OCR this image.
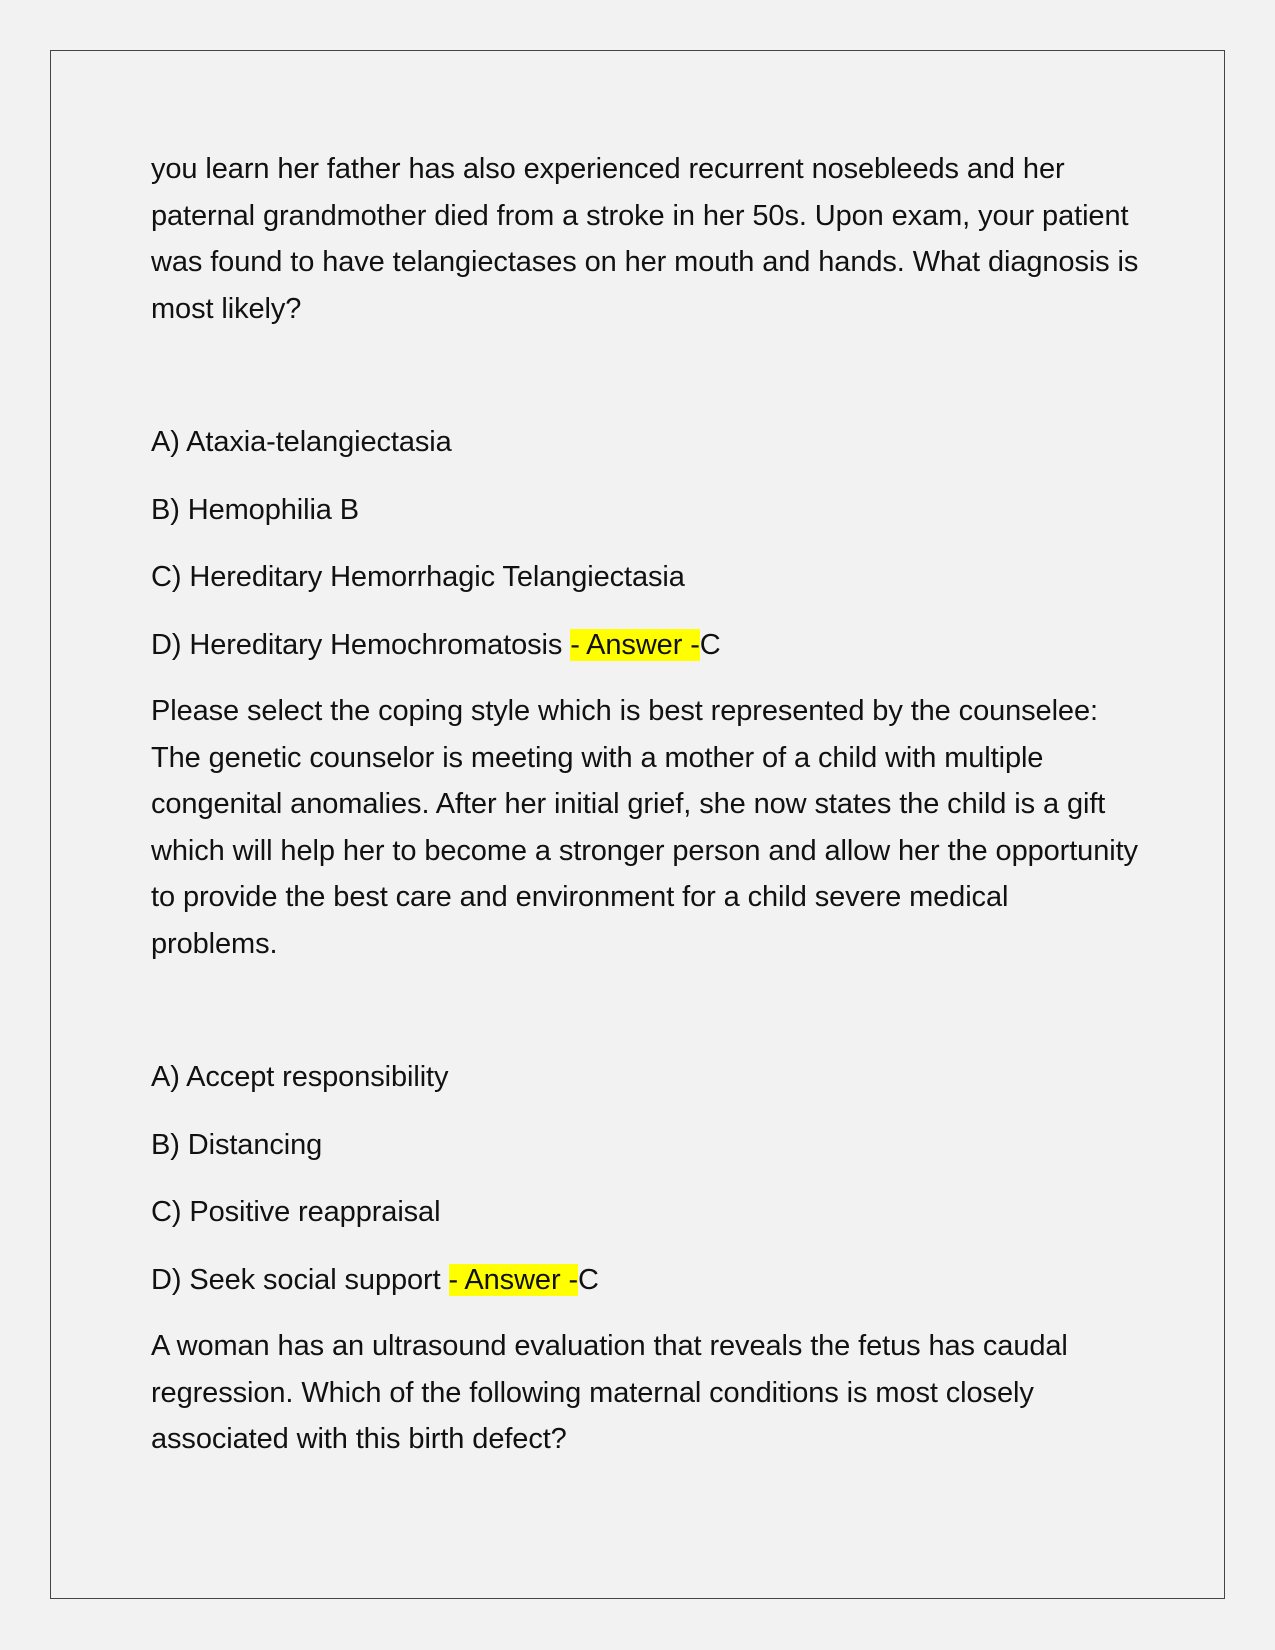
you learn her father has also experienced recurrent nosebleeds and her paternal grandmother died from a stroke in her 50s. Upon exam, your patient was found to have telangiectases on her mouth and hands. What diagnosis is most likely?

A) Ataxia-telangiectasia

B) Hemophilia B

C) Hereditary Hemorrhagic Telangiectasia

D) Hereditary Hemochromatosis - Answer -C

Please select the coping style which is best represented by the counselee: The genetic counselor is meeting with a mother of a child with multiple congenital anomalies. After her initial grief, she now states the child is a gift which will help her to become a stronger person and allow her the opportunity to provide the best care and environment for a child severe medical problems.

A) Accept responsibility

B) Distancing

C) Positive reappraisal

D) Seek social support - Answer -C

A woman has an ultrasound evaluation that reveals the fetus has caudal regression. Which of the following maternal conditions is most closely associated with this birth defect?
